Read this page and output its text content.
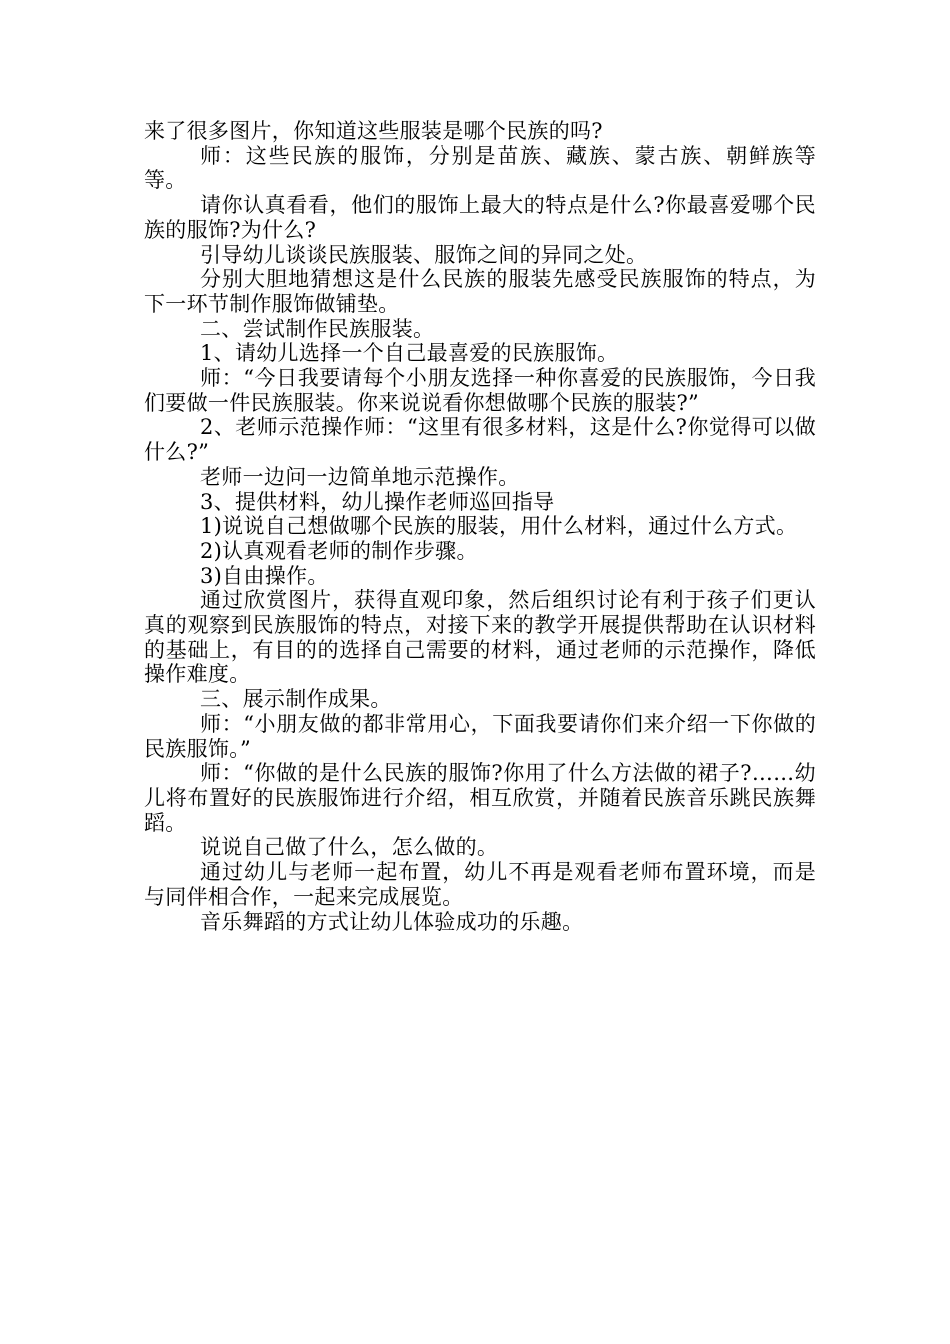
来了很多图片，你知道这些服装是哪个民族的吗?

师：这些民族的服饰，分别是苗族、藏族、蒙古族、朝鲜族等等。

请你认真看看，他们的服饰上最大的特点是什么?你最喜爱哪个民族的服饰?为什么?

引导幼儿谈谈民族服装、服饰之间的异同之处。

分别大胆地猜想这是什么民族的服装先感受民族服饰的特点，为下一环节制作服饰做铺垫。

二、尝试制作民族服装。

1、请幼儿选择一个自己最喜爱的民族服饰。

师：“今日我要请每个小朋友选择一种你喜爱的民族服饰，今日我们要做一件民族服装。你来说说看你想做哪个民族的服装?”

2、老师示范操作师：“这里有很多材料，这是什么?你觉得可以做什么?”

老师一边问一边简单地示范操作。

3、提供材料，幼儿操作老师巡回指导

1)说说自己想做哪个民族的服装，用什么材料，通过什么方式。

2)认真观看老师的制作步骤。

3)自由操作。

通过欣赏图片，获得直观印象，然后组织讨论有利于孩子们更认真的观察到民族服饰的特点，对接下来的教学开展提供帮助在认识材料的基础上，有目的的选择自己需要的材料，通过老师的示范操作，降低操作难度。

三、展示制作成果。

师：“小朋友做的都非常用心，下面我要请你们来介绍一下你做的民族服饰。”

师：“你做的是什么民族的服饰?你用了什么方法做的裙子?……幼儿将布置好的民族服饰进行介绍，相互欣赏，并随着民族音乐跳民族舞蹈。

说说自己做了什么，怎么做的。

通过幼儿与老师一起布置，幼儿不再是观看老师布置环境，而是与同伴相合作，一起来完成展览。

音乐舞蹈的方式让幼儿体验成功的乐趣。
